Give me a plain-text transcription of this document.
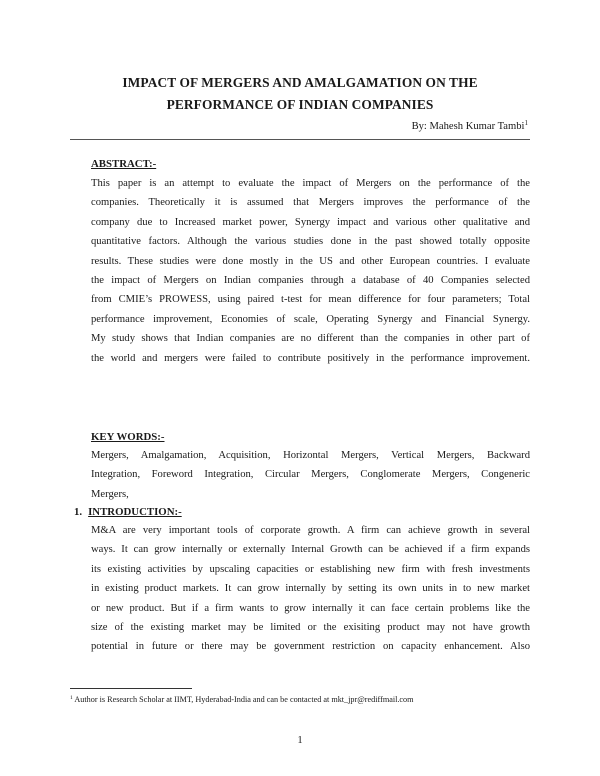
IMPACT OF MERGERS AND AMALGAMATION ON THE
PERFORMANCE OF INDIAN COMPANIES
By: Mahesh Kumar Tambi$^1$
ABSTRACT:-
This paper is an attempt to evaluate the impact of Mergers on the performance of the
companies. Theoretically it is assumed that Mergers improves the performance of the
company due to Increased market power, Synergy impact and various other qualitative and
quantitative factors. Although the various studies done in the past showed totally opposite
results. These studies were done mostly in the US and other European countries. I evaluate
the impact of Mergers on Indian companies through a database of 40 Companies selected
from CMIE’s PROWESS, using paired t-test for mean difference for four parameters; Total
performance improvement, Economies of scale, Operating Synergy and Financial Synergy.
My study shows that Indian companies are no different than the companies in other part of
the world and mergers were failed to contribute positively in the performance improvement.
KEY WORDS:-
Mergers, Amalgamation, Acquisition, Horizontal Mergers, Vertical Mergers, Backward
Integration, Foreword Integration, Circular Mergers, Conglomerate Mergers, Congeneric
Mergers,
1. INTRODUCTION:-
M&A are very important tools of corporate growth. A firm can achieve growth in several
ways. It can grow internally or externally Internal Growth can be achieved if a firm expands
its existing activities by upscaling capacities or establishing new firm with fresh investments
in existing product markets. It can grow internally by setting its own units in to new market
or new product. But if a firm wants to grow internally it can face certain problems like the
size of the existing market may be limited or the exisiting product may not have growth
potential in future or there may be government restriction on capacity enhancement. Also
$^1$ Author is Research Scholar at IIMT, Hyderabad-India and can be contacted at mkt_jpr@rediffmail.com
1
